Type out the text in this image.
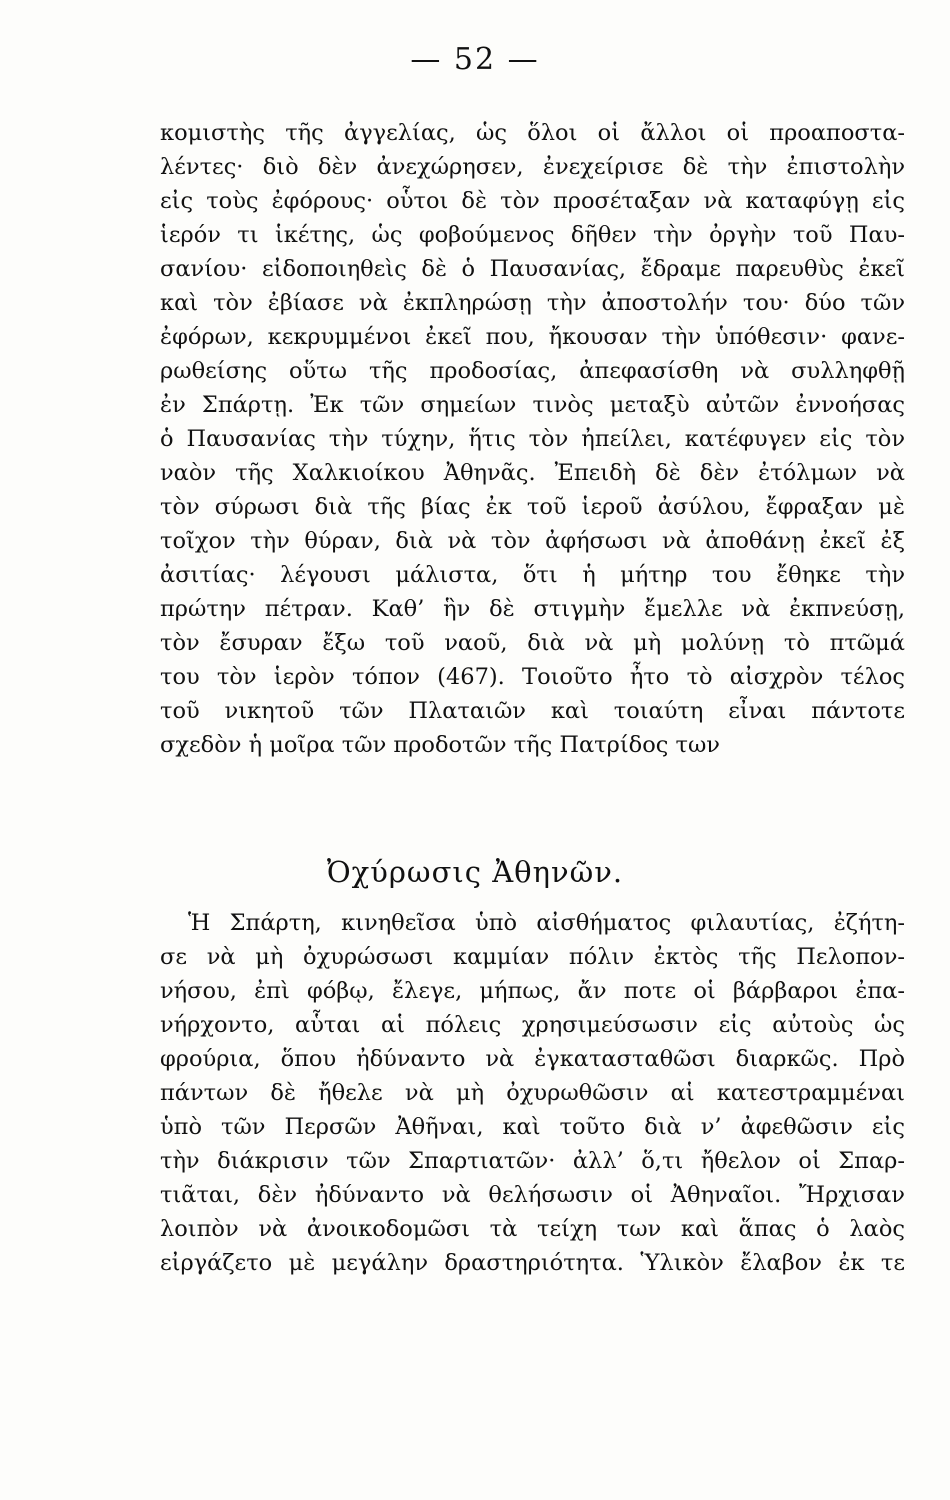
— 52 —
κομιστὴς τῆς ἀγγελίας, ὡς ὅλοι οἱ ἄλλοι οἱ προαποστα-
λέντες· διὸ δὲν ἀνεχώρησεν, ἐνεχείρισε δὲ τὴν ἐπιστολὴν
εἰς τοὺς ἐφόρους· οὗτοι δὲ τὸν προσέταξαν νὰ καταφύγῃ εἰς
ἱερόν τι ἱκέτης, ὡς φοβούμενος δῆθεν τὴν ὀργὴν τοῦ Παυ-
σανίου· εἰδοποιηθεὶς δὲ ὁ Παυσανίας, ἔδραμε παρευθὺς ἐκεῖ
καὶ τὸν ἐβίασε νὰ ἐκπληρώσῃ τὴν ἀποστολήν του· δύο τῶν
ἐφόρων, κεκρυμμένοι ἐκεῖ που, ἤκουσαν τὴν ὑπόθεσιν· φανε-
ρωθείσης οὕτω τῆς προδοσίας, ἀπεφασίσθη νὰ συλληφθῇ
ἐν Σπάρτῃ. Ἐκ τῶν σημείων τινὸς μεταξὺ αὐτῶν ἐννοήσας
ὁ Παυσανίας τὴν τύχην, ἥτις τὸν ἠπείλει, κατέφυγεν εἰς τὸν
ναὸν τῆς Χαλκιοίκου Ἀθηνᾶς. Ἐπειδὴ δὲ δὲν ἐτόλμων νὰ
τὸν σύρωσι διὰ τῆς βίας ἐκ τοῦ ἱεροῦ ἀσύλου, ἔφραξαν μὲ
τοῖχον τὴν θύραν, διὰ νὰ τὸν ἀφήσωσι νὰ ἀποθάνῃ ἐκεῖ ἐξ
ἀσιτίας· λέγουσι μάλιστα, ὅτι ἡ μήτηρ του ἔθηκε τὴν
πρώτην πέτραν. Καθ’ ἣν δὲ στιγμὴν ἔμελλε νὰ ἐκπνεύσῃ,
τὸν ἔσυραν ἔξω τοῦ ναοῦ, διὰ νὰ μὴ μολύνῃ τὸ πτῶμά
του τὸν ἱερὸν τόπον (467). Τοιοῦτο ἦτο τὸ αἰσχρὸν τέλος
τοῦ νικητοῦ τῶν Πλαταιῶν καὶ τοιαύτη εἶναι πάντοτε
σχεδὸν ἡ μοῖρα τῶν προδοτῶν τῆς Πατρίδος των
Ὀχύρωσις Ἀθηνῶν.
Ἡ Σπάρτη, κινηθεῖσα ὑπὸ αἰσθήματος φιλαυτίας, ἐζήτη-
σε νὰ μὴ ὀχυρώσωσι καμμίαν πόλιν ἐκτὸς τῆς Πελοπον-
νήσου, ἐπὶ φόβῳ, ἔλεγε, μήπως, ἄν ποτε οἱ βάρβαροι ἐπα-
νήρχοντο, αὗται αἱ πόλεις χρησιμεύσωσιν εἰς αὐτοὺς ὡς
φρούρια, ὅπου ἠδύναντο νὰ ἐγκατασταθῶσι διαρκῶς. Πρὸ
πάντων δὲ ἤθελε νὰ μὴ ὀχυρωθῶσιν αἱ κατεστραμμέναι
ὑπὸ τῶν Περσῶν Ἀθῆναι, καὶ τοῦτο διὰ ν’ ἀφεθῶσιν εἰς
τὴν διάκρισιν τῶν Σπαρτιατῶν· ἀλλ’ ὅ,τι ἤθελον οἱ Σπαρ-
τιᾶται, δὲν ἠδύναντο νὰ θελήσωσιν οἱ Ἀθηναῖοι. Ἤρχισαν
λοιπὸν νὰ ἀνοικοδομῶσι τὰ τείχη των καὶ ἅπας ὁ λαὸς
εἰργάζετο μὲ μεγάλην δραστηριότητα. Ὑλικὸν ἔλαβον ἐκ τε
